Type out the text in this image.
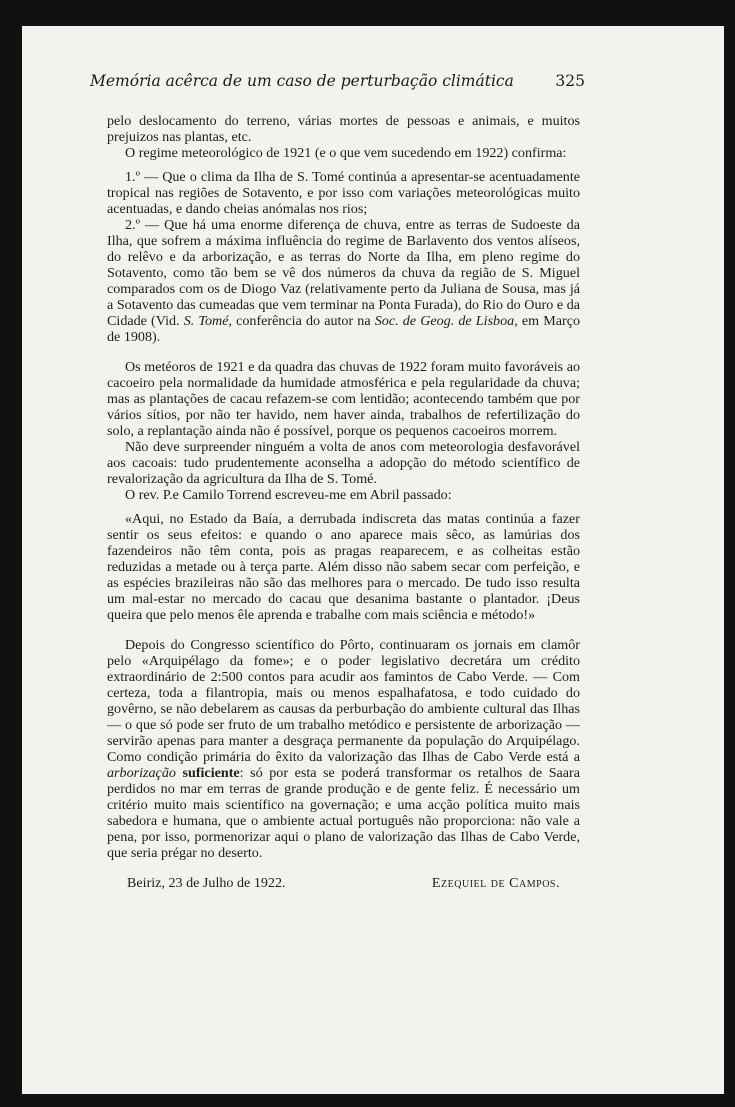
Memória acêrca de um caso de perturbação climática	325

pelo deslocamento do terreno, várias mortes de pessoas e animais, e muitos prejuizos nas plantas, etc.

O regime meteorológico de 1921 (e o que vem sucedendo em 1922) confirma:

1.º — Que o clima da Ilha de S. Tomé continúa a apresentar-se acentuadamente tropical nas regiões de Sotavento, e por isso com variações meteorológicas muito acentuadas, e dando cheias anómalas nos rios;

2.º — Que há uma enorme diferença de chuva, entre as terras de Sudoeste da Ilha, que sofrem a máxima influência do regime de Barlavento dos ventos alíseos, do relêvo e da arborização, e as terras do Norte da Ilha, em pleno regime do Sotavento, como tão bem se vê dos números da chuva da região de S. Miguel comparados com os de Diogo Vaz (relativamente perto da Juliana de Sousa, mas já a Sotavento das cumeadas que vem terminar na Ponta Furada), do Rio do Ouro e da Cidade (Vid. S. Tomé, conferência do autor na Soc. de Geog. de Lisboa, em Março de 1908).

Os metéoros de 1921 e da quadra das chuvas de 1922 foram muito favoráveis ao cacoeiro pela normalidade da humidade atmosférica e pela regularidade da chuva; mas as plantações de cacau refazem-se com lentidão; acontecendo também que por vários sítios, por não ter havido, nem haver ainda, trabalhos de refertilização do solo, a replantação ainda não é possível, porque os pequenos cacoeiros morrem.

Não deve surpreender ninguém a volta de anos com meteorologia desfavorável aos cacoais: tudo prudentemente aconselha a adopção do método scientífico de revalorização da agricultura da Ilha de S. Tomé.

O rev. P.e Camilo Torrend escreveu-me em Abril passado:

«Aqui, no Estado da Baía, a derrubada indiscreta das matas continúa a fazer sentir os seus efeitos: e quando o ano aparece mais sêco, as lamúrias dos fazendeiros não têm conta, pois as pragas reaparecem, e as colheitas estão reduzidas a metade ou à terça parte. Além disso não sabem secar com perfeição, e as espécies brazileiras não são das melhores para o mercado. De tudo isso resulta um mal-estar no mercado do cacau que desanima bastante o plantador. ¡Deus queira que pelo menos êle aprenda e trabalhe com mais sciência e método!»

Depois do Congresso scientífico do Pôrto, continuaram os jornais em clamôr pelo «Arquipélago da fome»; e o poder legislativo decretára um crédito extraordinário de 2:500 contos para acudir aos famintos de Cabo Verde. — Com certeza, toda a filantropia, mais ou menos espalhafatosa, e todo cuidado do govêrno, se não debelarem as causas da perburbação do ambiente cultural das Ilhas — o que só pode ser fruto de um trabalho metódico e persistente de arborização — servirão apenas para manter a desgraça permanente da população do Arquipélago. Como condição primária do êxito da valorização das Ilhas de Cabo Verde está a arborização suficiente: só por esta se poderá transformar os retalhos de Saara perdidos no mar em terras de grande produção e de gente feliz. É necessário um critério muito mais scientífico na governação; e uma acção política muito mais sabedora e humana, que o ambiente actual português não proporciona: não vale a pena, por isso, pormenorizar aqui o plano de valorização das Ilhas de Cabo Verde, que seria prégar no deserto.

Beiriz, 23 de Julho de 1922.	Ezequiel de Campos.
